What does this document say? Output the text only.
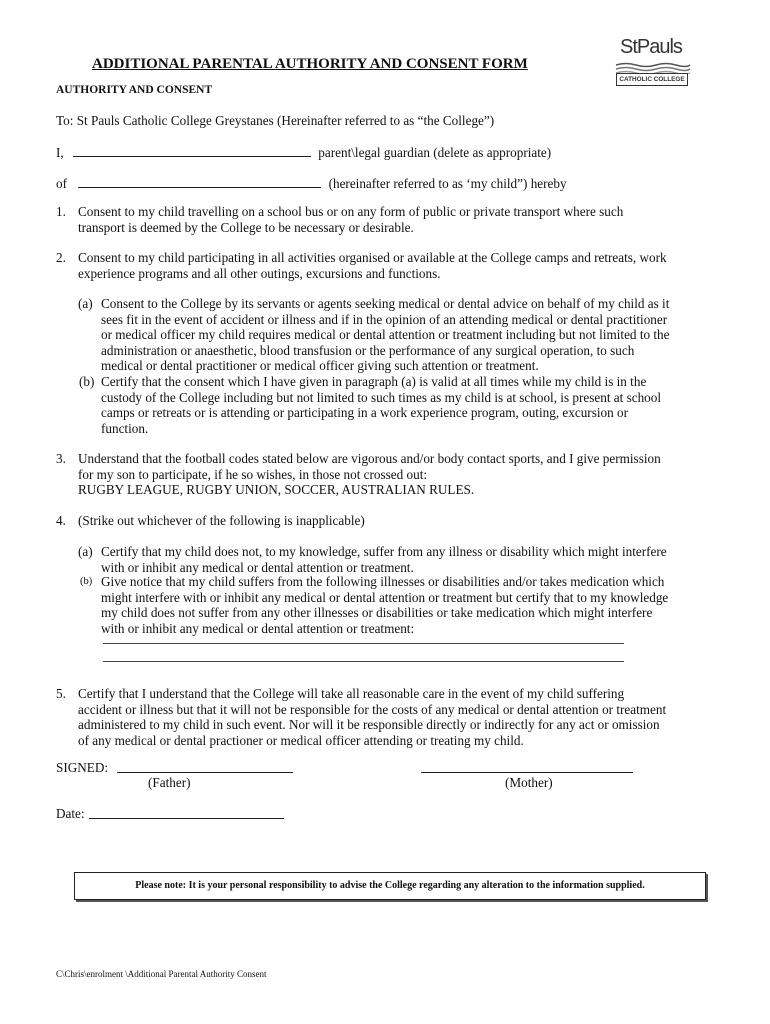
StPauls
CATHOLIC COLLEGE
ADDITIONAL PARENTAL AUTHORITY AND CONSENT FORM
AUTHORITY AND CONSENT
To: St Pauls Catholic College Greystanes (Hereinafter referred to as “the College”)
I,	parent\legal guardian (delete as appropriate)
of	(hereinafter referred to as ‘my child”) hereby
1. Consent to my child travelling on a school bus or on any form of public or private transport where such
transport is deemed by the College to be necessary or desirable.
2. Consent to my child participating in all activities organised or available at the College camps and retreats, work
experience programs and all other outings, excursions and functions.
(a) Consent to the College by its servants or agents seeking medical or dental advice on behalf of my child as it
sees fit in the event of accident or illness and if in the opinion of an attending medical or dental practitioner
or medical officer my child requires medical or dental attention or treatment including but not limited to the
administration or anaesthetic, blood transfusion or the performance of any surgical operation, to such
medical or dental practitioner or medical officer giving such attention or treatment.
(b) Certify that the consent which I have given in paragraph (a) is valid at all times while my child is in the
custody of the College including but not limited to such times as my child is at school, is present at school
camps or retreats or is attending or participating in a work experience program, outing, excursion or
function.
3. Understand that the football codes stated below are vigorous and/or body contact sports, and I give permission
for my son to participate, if he so wishes, in those not crossed out:
RUGBY LEAGUE, RUGBY UNION, SOCCER, AUSTRALIAN RULES.
4. (Strike out whichever of the following is inapplicable)
(a) Certify that my child does not, to my knowledge, suffer from any illness or disability which might interfere
with or inhibit any medical or dental attention or treatment.
(b) Give notice that my child suffers from the following illnesses or disabilities and/or takes medication which
might interfere with or inhibit any medical or dental attention or treatment but certify that to my knowledge
my child does not suffer from any other illnesses or disabilities or take medication which might interfere
with or inhibit any medical or dental attention or treatment:
5. Certify that I understand that the College will take all reasonable care in the event of my child suffering
accident or illness but that it will not be responsible for the costs of any medical or dental attention or treatment
administered to my child in such event. Nor will it be responsible directly or indirectly for any act or omission
of any medical or dental practioner or medical officer attending or treating my child.
SIGNED:
(Father)	(Mother)
Date:
Please note: It is your personal responsibility to advise the College regarding any alteration to the information supplied.
C\Chris\enrolment \Additional Parental Authority Consent
